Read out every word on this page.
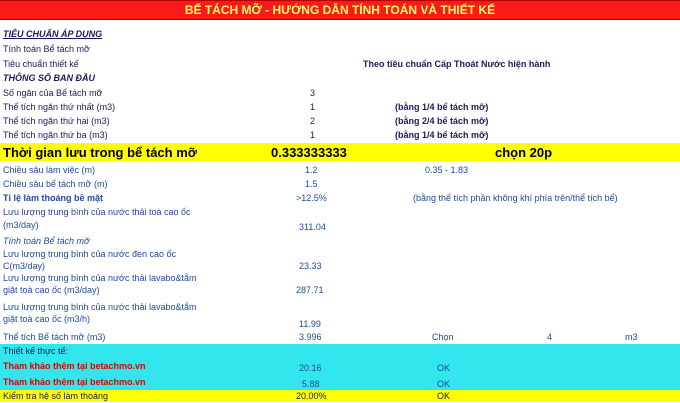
BỂ TÁCH MỠ - HƯỚNG DẪN TÍNH TOÁN VÀ THIẾT KẾ
TIÊU CHUẨN ÁP DỤNG
Tính toán Bể tách mỡ
Tiêu chuẩn thiết kế	Theo tiêu chuẩn Cấp Thoát Nước hiện hành
THÔNG SỐ BAN ĐẦU
Số ngăn của Bể tách mỡ	3
Thể tích ngăn thứ nhất (m3)	1	(bằng 1/4 bể tách mỡ)
Thể tích ngăn thứ hai (m3)	2	(bằng 2/4 bể tách mỡ)
Thể tích ngăn thứ ba (m3)	1	(bằng 1/4 bể tách mỡ)
Thời gian lưu trong bể tách mỡ	0.333333333	chọn 20p
Chiều sâu làm việc (m)	1.2	0.35 - 1.83
Chiều sâu bể tách mỡ (m)	1.5
Tỉ lệ làm thoáng bề mặt	>12.5%	(bằng thể tích phần không khí phía trên/thể tích bể)
Lưu lượng trung bình của nước thải toà cao ốc
(m3/day)	311.04
Tính toán Bể tách mỡ
Lưu lượng trung bình của nước đen cao ốc
C(m3/day)	23.33
Lưu lượng trung bình của nước thải lavabo&tắm
giặt toà cao ốc (m3/day)	287.71
Lưu lượng trung bình của nước thải lavabo&tắm
giặt toà cao ốc (m3/h)	11.99
Thể tích Bể tách mỡ (m3)	3.996	Chọn	4	m3
Thiết kế thực tế:
Tham khảo thêm tại betachmo.vn	20.16	OK
Tham khảo thêm tại betachmo.vn	5.88	OK
Kiểm tra hệ số làm thoáng	20.00%	OK
